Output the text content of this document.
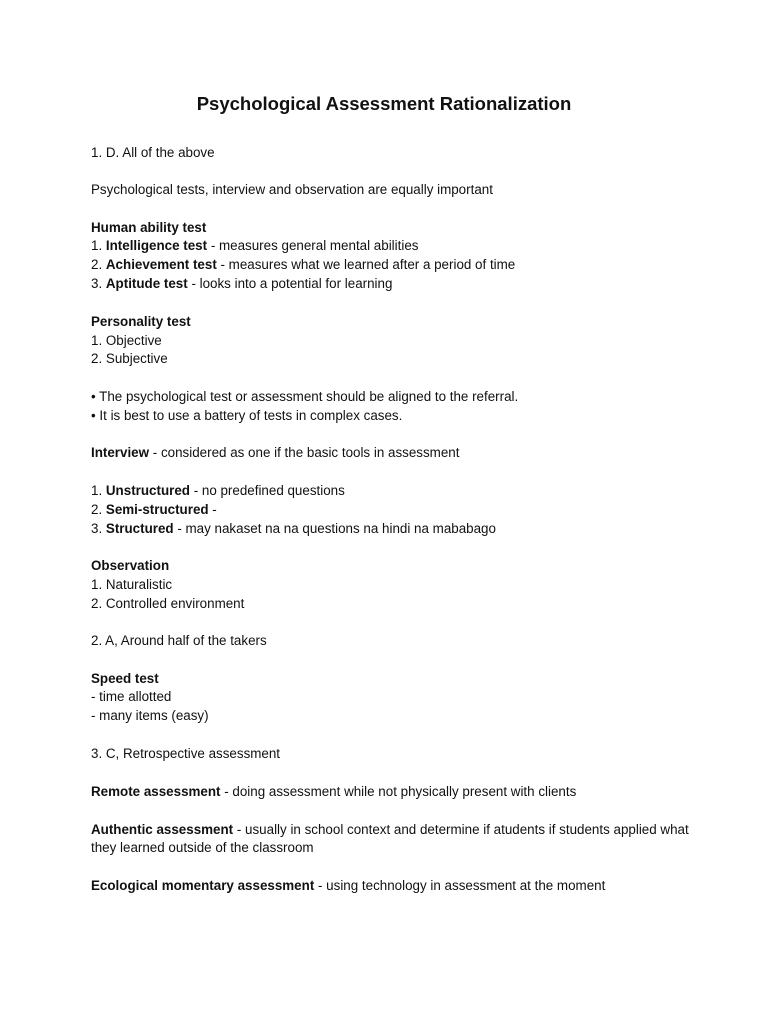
Psychological Assessment Rationalization
1. D. All of the above
Psychological tests, interview and observation are equally important
Human ability test
1. Intelligence test - measures general mental abilities
2. Achievement test - measures what we learned after a period of time
3. Aptitude test - looks into a potential for learning
Personality test
1. Objective
2. Subjective
• The psychological test or assessment should be aligned to the referral.
• It is best to use a battery of tests in complex cases.
Interview - considered as one if the basic tools in assessment
1. Unstructured - no predefined questions
2. Semi-structured -
3. Structured - may nakaset na na questions na hindi na mababago
Observation
1. Naturalistic
2. Controlled environment
2. A, Around half of the takers
Speed test
- time allotted
- many items (easy)
3. C, Retrospective assessment
Remote assessment - doing assessment while not physically present with clients
Authentic assessment - usually in school context and determine if atudents if students applied what they learned outside of the classroom
Ecological momentary assessment - using technology in assessment at the moment
